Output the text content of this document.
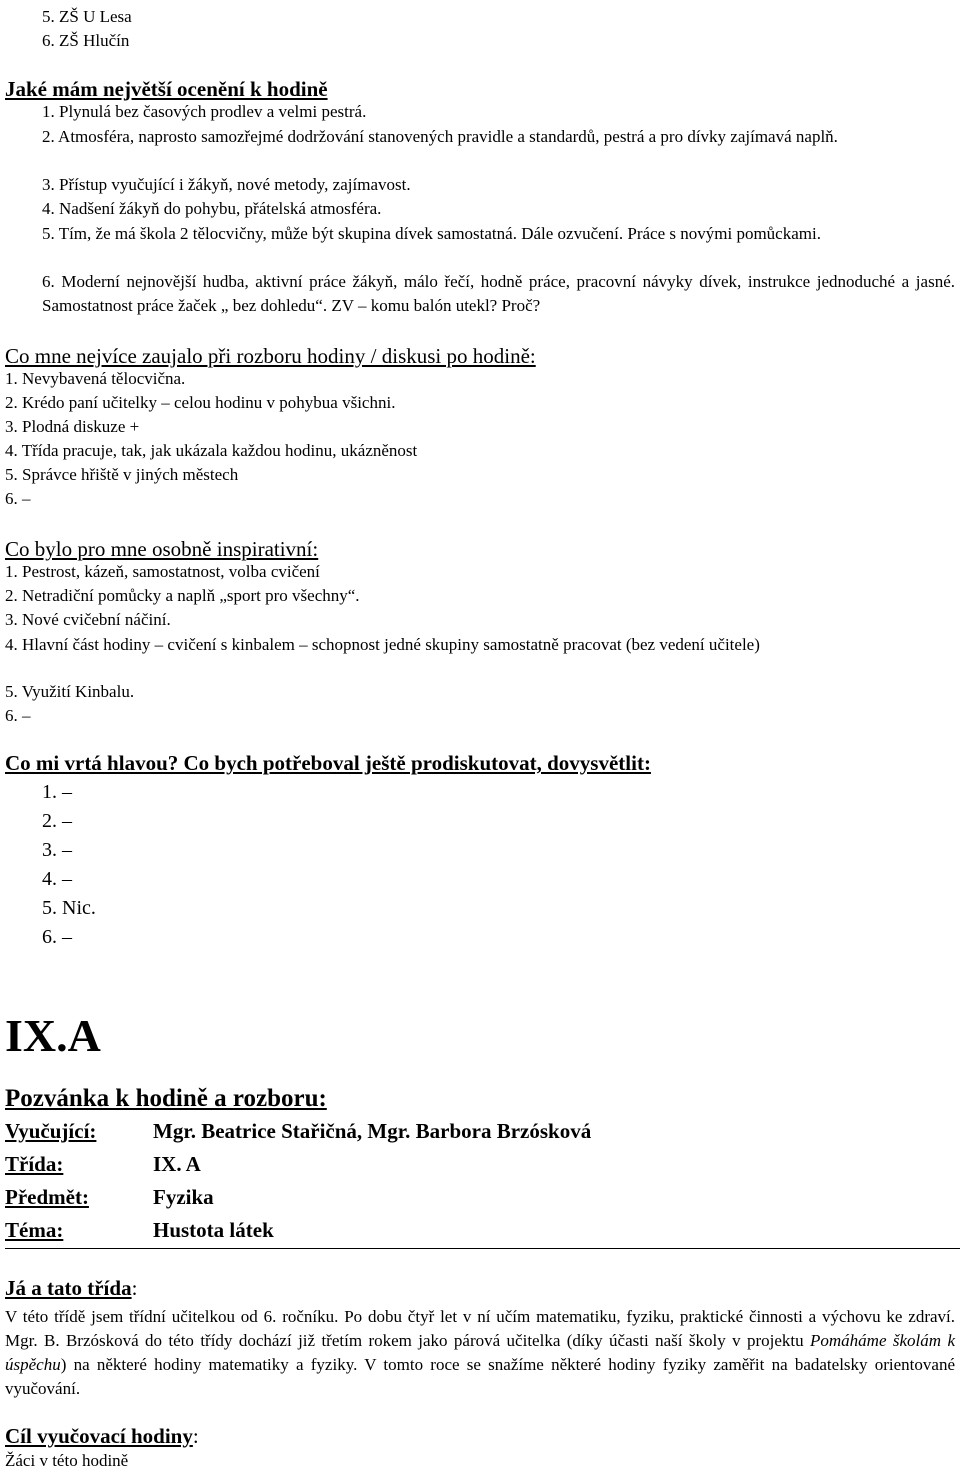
5. ZŠ U Lesa
6. ZŠ Hlučín
Jaké mám největší ocenění k hodině
1. Plynulá bez časových prodlev a velmi pestrá.
2. Atmosféra, naprosto samozřejmé dodržování stanovených pravidle a standardů, pestrá a pro dívky zajímavá naplň.
3. Přístup vyučující i žákyň, nové metody, zajímavost.
4. Nadšení žákyň do pohybu, přátelská atmosféra.
5. Tím, že má škola 2 tělocvičny, může být skupina dívek samostatná. Dále ozvučení. Práce s novými pomůckami.
6. Moderní nejnovější hudba, aktivní práce žákyň, málo řečí, hodně práce, pracovní návyky dívek, instrukce jednoduché a jasné. Samostatnost práce žaček „ bez dohledu“. ZV – komu balón utekl? Proč?
Co mne nejvíce zaujalo při rozboru hodiny / diskusi po hodině:
1. Nevybavená tělocvična.
2. Krédo paní učitelky – celou hodinu v pohybua všichni.
3. Plodná diskuze +
4. Třída pracuje, tak, jak ukázala každou hodinu, ukázněnost
5. Správce hřiště v jiných městech
6. –
Co bylo pro mne osobně inspirativní:
1. Pestrost, kázeň, samostatnost, volba cvičení
2. Netradiční pomůcky a naplň „sport pro všechny“.
3. Nové cvičební náčiní.
4. Hlavní část hodiny – cvičení s kinbalem – schopnost jedné skupiny samostatně pracovat (bez vedení učitele)
5. Využití Kinbalu.
6. –
Co mi vrtá hlavou? Co bych potřeboval ještě prodiskutovat, dovysvětlit:
1. –
2. –
3. –
4. –
5. Nic.
6. –
IX.A
Pozvánka k hodině a rozboru:
Vyučující:	Mgr. Beatrice Stařičná, Mgr. Barbora Brzósková
Třída:	IX. A
Předmět:	Fyzika
Téma:	Hustota látek
Já a tato třída:
V této třídě jsem třídní učitelkou od 6. ročníku. Po dobu čtyř let v ní učím matematiku, fyziku, praktické činnosti a výchovu ke zdraví. Mgr. B. Brzósková do této třídy dochází již třetím rokem jako párová učitelka (díky účasti naší školy v projektu Pomáháme školám k úspěchu) na některé hodiny matematiky a fyziky. V tomto roce se snažíme některé hodiny fyziky zaměřit na badatelsky orientované vyučování.
Cíl vyučovací hodiny:
Žáci v této hodině
